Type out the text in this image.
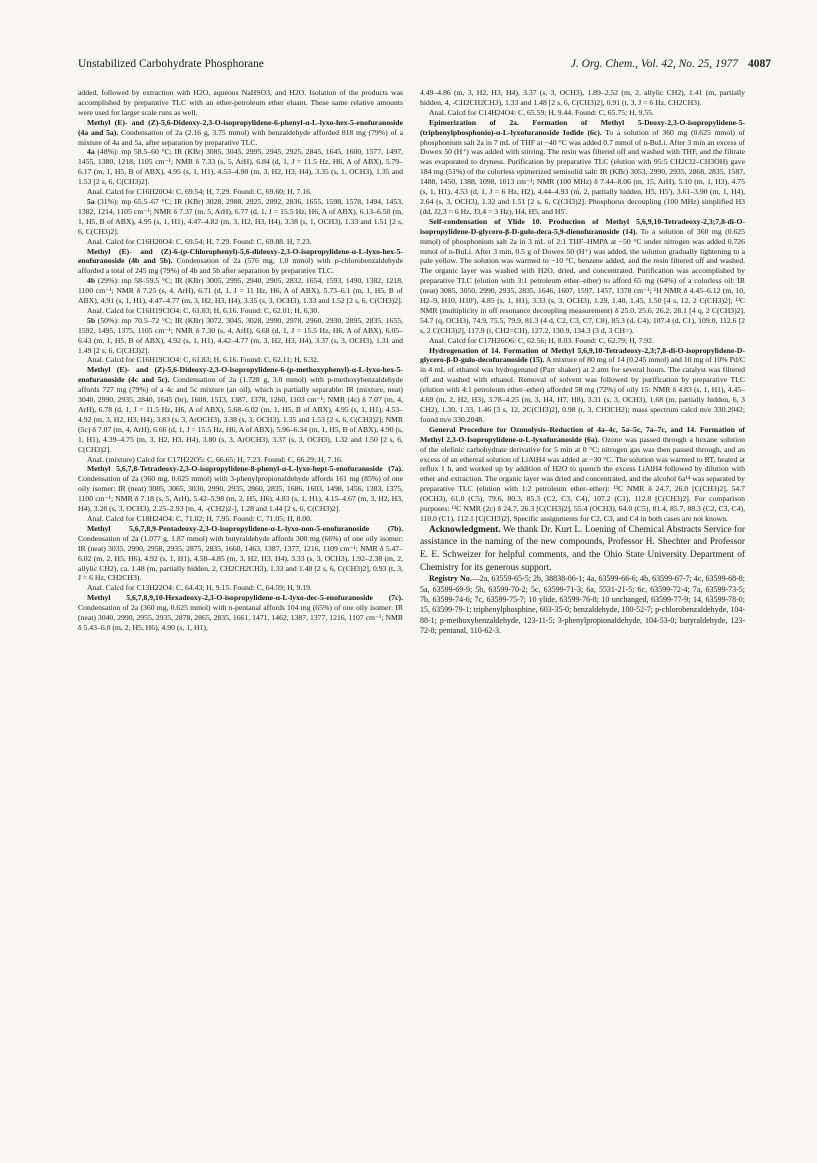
Unstabilized Carbohydrate Phosphorane	J. Org. Chem., Vol. 42, No. 25, 1977 4087

added, followed by extraction with H2O, aqueous NaHSO3, and H2O. Isolation of the products was accomplished by preparative TLC with an ether-petroleum ether eluant. These same relative amounts were used for larger scale runs as well.

Methyl (E)- and (Z)-5,6-Dideoxy-2,3-O-isopropylidene-6-phenyl-α-L-lyxo-hex-5-enofuranoside (4a and 5a). Condensation of 2a (2.16 g, 3.75 mmol) with benzaldehyde afforded 818 mg (79%) of a mixture of 4a and 5a, after separation by preparative TLC.

4a (48%): mp 58.5–60 °C; IR (KBr) 3085, 3045, 2995, 2945, 2925, 2845, 1645, 1600, 1577, 1497, 1455, 1380, 1218, 1105 cm⁻¹; NMR δ 7.33 (s, 5, ArH), 6.84 (d, 1, J = 11.5 Hz, H6, A of ABX), 5.79–6.17 (m, 1, H5, B of ABX), 4.95 (s, 1, H1), 4.53–4.90 (m, 3, H2, H3, H4), 3.35 (s, 1, OCH3), 1.35 and 1.53 [2 s, 6, C(CH3)2].

Anal. Calcd for C16H20O4: C, 69.54; H, 7.29. Found: C, 69.60; H, 7.16.

5a (31%): mp 65.5–67 °C; IR (KBr) 3028, 2988, 2925, 2892, 2836, 1655, 1598, 1578, 1494, 1453, 1382, 1214, 1105 cm⁻¹; NMR δ 7.37 (m, 5, ArH), 6.77 (d, 1, J = 15.5 Hz, H6, A of ABX), 6.13–6.50 (m, 1, H5, B of ABX), 4.95 (s, 1, H1), 4.47–4.82 (m, 3, H2, H3, H4), 3.38 (s, 1, OCH3), 1.33 and 1.51 [2 s, 6, C(CH3)2].

Anal. Calcd for C16H20O4: C, 69.54; H, 7.29. Found: C, 69.88. H, 7.23.

Methyl (E)- and (Z)-6-(p-Chlorophenyl)-5,6-dideoxy-2,3-O-isopropylidene-α-L-lyxo-hex-5-enofuranoside (4b and 5b). Condensation of 2a (576 mg, 1.0 mmol) with p-chlorobenzaldehyde afforded a total of 245 mg (79%) of 4b and 5b after separation by preparative TLC.

4b (29%): mp 58–59.5 °C; IR (KBr) 3005, 2995, 2940, 2905, 2832, 1654, 1593, 1490, 1382, 1218, 1100 cm⁻¹; NMR δ 7.25 (s, 4, ArH), 6.71 (d, 1, J = 11 Hz, H6, A of ABX), 5.73–6.1 (m, 1, H5, B of ABX), 4.91 (s, 1, H1), 4.47–4.77 (m, 3, H2, H3, H4), 3.35 (s, 3, OCH3), 1.33 and 1.52 [2 s, 6, C(CH3)2].

Anal. Calcd for C16H19ClO4: C, 61.83; H, 6.16. Found: C, 62.01; H, 6.30.

5b (50%): mp 70.5–72 °C; IR (KBr) 3072, 3045, 3028, 2990, 2978, 2960, 2930, 2895, 2835, 1655, 1592, 1495, 1375, 1105 cm⁻¹; NMR δ 7.30 (s, 4, ArH), 6.68 (d, 1, J = 15.5 Hz, H6, A of ABX), 6.05–6.43 (m, 1, H5, B of ABX), 4.92 (s, 1, H1), 4.42–4.77 (m, 3, H2, H3, H4), 3.37 (s, 3, OCH3), 1.31 and 1.49 [2 s, 6, C(CH3)2].

Anal. Calcd for C16H19ClO4: C, 61.83; H, 6.16. Found: C, 62.11; H, 6.32.

Methyl (E)- and (Z)-5,6-Dideoxy-2,3-O-isopropylidene-6-(p-methoxyphenyl)-α-L-lyxo-hex-5-enofuranoside (4c and 5c). Condensation of 2a (1.728 g, 3.0 mmol) with p-methoxybenzaldehyde affords 727 mg (79%) of a 4c and 5c mixture (an oil), which is partially separable: IR (mixture, neat) 3040, 2990, 2935, 2840, 1645 (br), 1608, 1513, 1387, 1378, 1260, 1103 cm⁻¹; NMR (4c) δ 7.07 (m, 4, ArH), 6.78 (d, 1, J = 11.5 Hz, H6, A of ABX), 5.68–6.02 (m, 1, H5, B of ABX), 4.95 (s, 1, H1), 4.53–4.92 (m, 3, H2, H3, H4), 3.83 (s, 3, ArOCH3), 3.38 (s, 3, OCH3), 1.35 and 1.53 [2 s, 6, C(CH3)2]; NMR (5c) δ 7.07 (m, 4, ArH), 6.66 (d, 1, J = 15.5 Hz, H6, A of ABX), 5.96–6.34 (m, 1, H5, B of ABX), 4.90 (s, 1, H1), 4.39–4.75 (m, 3, H2, H3, H4), 3.80 (s, 3, ArOCH3), 3.37 (s, 3, OCH3), 1.32 and 1.50 [2 s, 6, C(CH3)2].

Anal. (mixture) Calcd for C17H22O5: C, 66.65; H, 7.23. Found: C, 66.29; H, 7.16.

Methyl 5,6,7,8-Tetradeoxy-2,3-O-isopropylidene-8-phenyl-α-L-lyxo-hept-5-enofuranoside (7a). Condensation of 2a (360 mg, 0.625 mmol) with 3-phenylpropionaldehyde affords 161 mg (85%) of one oily isomer: IR (neat) 3085, 3065, 3030, 2990, 2935, 2860, 2835, 1686, 1603, 1498, 1456, 1383, 1375, 1100 cm⁻¹; NMR δ 7.18 (s, 5, ArH), 5.42–5.98 (m, 2, H5, H6), 4.83 (s, 1, H1), 4.15–4.67 (m, 3, H2, H3, H4), 3.28 (s, 3, OCH3), 2.25–2.93 [m, 4, -(CH2)2-], 1.28 and 1.44 [2 s, 6, C(CH3)2].

Anal. Calcd for C18H24O4: C, 71.02; H, 7.95. Found: C, 71.05; H, 8.00.

Methyl 5,6,7,8,9-Pentadeoxy-2,3-O-isopropylidene-α-L-lyxo-non-5-enofuranoside (7b). Condensation of 2a (1.077 g, 1.87 mmol) with butyraldehyde affords 300 mg (66%) of one oily isomer: IR (neat) 3035, 2990, 2958, 2935, 2875, 2835, 1660, 1463, 1387, 1377, 1216, 1109 cm⁻¹; NMR δ 5.47–6.02 (m, 2, H5, H6), 4.92 (s, 1, H1), 4.58–4.85 (m, 3, H2, H3, H4), 3.33 (s, 3, OCH3), 1.92–2.38 (m, 2, allylic CH2), ca. 1.48 (m, partially hidden, 2, CH2CH2CH3), 1.33 and 1.48 [2 s, 6, C(CH3)2], 0.93 (t, 3, J = 6 Hz, CH2CH3).

Anal. Calcd for C13H22O4: C, 64.43; H, 9.15. Found: C, 64.59; H, 9.19.

Methyl 5,6,7,8,9,10-Hexadeoxy-2,3-O-isopropylidene-α-L-lyxo-dec-5-enofuranoside (7c). Condensation of 2a (360 mg, 0.625 mmol) with n-pentanal affords 104 mg (65%) of one oily isomer: IR (neat) 3040, 2990, 2955, 2935, 2878, 2865, 2835, 1661, 1471, 1462, 1387, 1377, 1216, 1107 cm⁻¹; NMR δ 5.43–6.0 (m, 2, H5, H6), 4.90 (s, 1, H1),

4.49–4.86 (m, 3, H2, H3, H4), 3.37 (s, 3, OCH3), 1.89–2.52 (m, 2, allylic CH2), 1.41 (m, partially hidden, 4, -CH2CH2CH3), 1.33 and 1.48 [2 s, 6, C(CH3)2], 0.91 (t, 3, J = 6 Hz, CH2CH3).

Anal. Calcd for C14H24O4: C, 65.59; H, 9.44. Found: C, 65.75; H, 9.55.

Epimerization of 2a. Formation of Methyl 5-Deoxy-2,3-O-isopropylidene-5-(triphenylphosphonio)-α-L-lyxofuranoside Iodide (6c). To a solution of 360 mg (0.625 mmol) of phosphonium salt 2a in 7 mL of THF at −40 °C was added 0.7 mmol of n-BuLi. After 3 min an excess of Dowex 50 (H⁺) was added with stirring. The resin was filtered off and washed with THF, and the filtrate was evaporated to dryness. Purification by preparative TLC (elution with 95:5 CH2Cl2–CH3OH) gave 184 mg (51%) of the colorless epimerized semisolid salt: IR (KBr) 3053, 2990, 2935, 2868, 2835, 1587, 1488, 1450, 1388, 1098, 1013 cm⁻¹; NMR (100 MHz) δ 7.44–8.06 (m, 15, ArH), 5.10 (m, 1, H3), 4.75 (s, 1, H1), 4.53 (d, 1, J = 6 Hz, H2), 4.44–4.93 (m, 2, partially hidden, H5, H5'), 3.61–3.90 (m, 1, H4), 2.64 (s, 3, OCH3), 1.32 and 1.51 [2 s, 6, C(CH3)2]. Phosphorus decoupling (100 MHz) simplified H3 (dd, J2,3 = 6 Hz, J3,4 = 3 Hz), H4, H5, and H5'.

Self-condensation of Ylide 10. Production of Methyl 5,6,9,10-Tetradeoxy-2,3;7,8-di-O-isopropylidene-D-glycero-β-D-gulo-deca-5,9-dienofuranoside (14). To a solution of 360 mg (0.625 mmol) of phosphonium salt 2a in 3 mL of 2:1 THF–HMPA at −50 °C under nitrogen was added 0.726 mmol of n-BuLi. After 3 min, 0.5 g of Dowex 50 (H⁺) was added, the solution gradually lightening to a pale yellow. The solution was warmed to −10 °C, benzene added, and the resin filtered off and washed. The organic layer was washed with H2O, dried, and concentrated. Purification was accomplished by preparative TLC (elution with 3:1 petroleum ether–ether) to afford 65 mg (64%) of a colorless oil: IR (neat) 3085, 3050, 2990, 2935, 2835, 1646, 1607, 1597, 1457, 1378 cm⁻¹; ¹H NMR δ 4.45–6.12 (m, 10, H2–9, H10, H10'), 4.85 (s, 1, H1), 3.33 (s, 3, OCH3), 1.29, 1.40, 1.45, 1.50 [4 s, 12, 2 C(CH3)2]; ¹³C NMR (multiplicity in off resonance decoupling measurement) δ 25.0, 25.6, 26.2, 28.1 [4 q, 2 C(CH3)2], 54.7 (q, OCH3), 74.9, 75.5, 79.9, 81.3 (4 d, C2, C3, C7, C8), 85.3 (d, C4), 107.4 (d, C1), 109.0, 112.6 [2 s, 2 C(CH3)2], 117.9 (t, CH2=CH), 127.2, 130.9, 134.3 (3 d, 3 CH=).

Anal. Calcd for C17H26O6: C, 62.56; H, 8.03. Found: C, 62.79; H, 7.92.

Hydrogenation of 14. Formation of Methyl 5,6,9,10-Tetradeoxy-2,3;7,8-di-O-isopropylidene-D-glycero-β-D-gulo-decofuranoside (15). A mixture of 80 mg of 14 (0.245 mmol) and 10 mg of 10% Pd/C in 4 mL of ethanol was hydrogenated (Parr shaker) at 2 atm for several hours. The catalyst was filtered off and washed with ethanol. Removal of solvent was followed by purification by preparative TLC (elution with 4:1 petroleum ether–ether) afforded 58 mg (72%) of oily 15: NMR δ 4.83 (s, 1, H1), 4.45–4.69 (m, 2, H2, H3), 3.78–4.25 (m, 3, H4, H7, H8), 3.31 (s, 3, OCH3), 1.68 (m, partially hidden, 6, 3 CH2), 1.30, 1.33, 1.46 [3 s, 12, 2C(CH3)2], 0.98 (t, 3, CH3CH2); mass spectrum calcd m/e 330.2042; found m/e 330.2048.

General Procedure for Ozonolysis–Reduction of 4a–4c, 5a–5c, 7a–7c, and 14. Formation of Methyl 2,3-O-Isopropylidene-α-L-lyxofuranoside (6a). Ozone was passed through a hexane solution of the olefinic carbohydrate derivative for 5 min at 0 °C; nitrogen gas was then passed through, and an excess of an ethereal solution of LiAlH4 was added at −30 °C. The solution was warmed to RT, heated at reflux 1 h, and worked up by addition of H2O to quench the excess LiAlH4 followed by dilution with ether and extraction. The organic layer was dried and concentrated, and the alcohol 6a¹⁴ was separated by preparative TLC (elution with 1:2 petroleum ether–ether): ¹³C NMR δ 24.7, 26.0 [C(CH3)2], 54.7 (OCH3), 61.0 (C5), 79.6, 80.3, 85.3 (C2, C3, C4), 107.2 (C1), 112.8 [C(CH3)2]. For comparison purposes: ¹³C NMR (2c) δ 24.7, 26.3 [C(CH3)2], 55.4 (OCH3), 64.0 (C5), 81.4, 85.7, 88.3 (C2, C3, C4), 110.0 (C1), 112.1 [C(CH3)2]. Specific assignments for C2, C3, and C4 in both cases are not known.

Acknowledgment. We thank Dr. Kurt L. Loening of Chemical Abstracts Service for assistance in the naming of the new compounds, Professor H. Shechter and Professor E. E. Schweizer for helpful comments, and the Ohio State University Department of Chemistry for its generous support.

Registry No.—2a, 63559-65-5; 2b, 38838-06-1; 4a, 63599-66-6; 4b, 63599-67-7; 4c, 63599-68-8; 5a, 63599-69-9; 5b, 63599-70-2; 5c, 63599-71-3; 6a, 5531-21-5; 6c, 63599-72-4; 7a, 63599-73-5; 7b, 63599-74-6; 7c, 63599-75-7; 10 ylide, 63599-76-8; 10 unchanged, 63599-77-9; 14, 63599-78-0; 15, 63599-79-1; triphenylphosphine, 603-35-0; benzaldehyde, 100-52-7; p-chlorobenzaldehyde, 104-88-1; p-methoxybenzaldehyde, 123-11-5; 3-phenylpropionaldehyde, 104-53-0; butyraldehyde, 123-72-8; pentanal, 110-62-3.
